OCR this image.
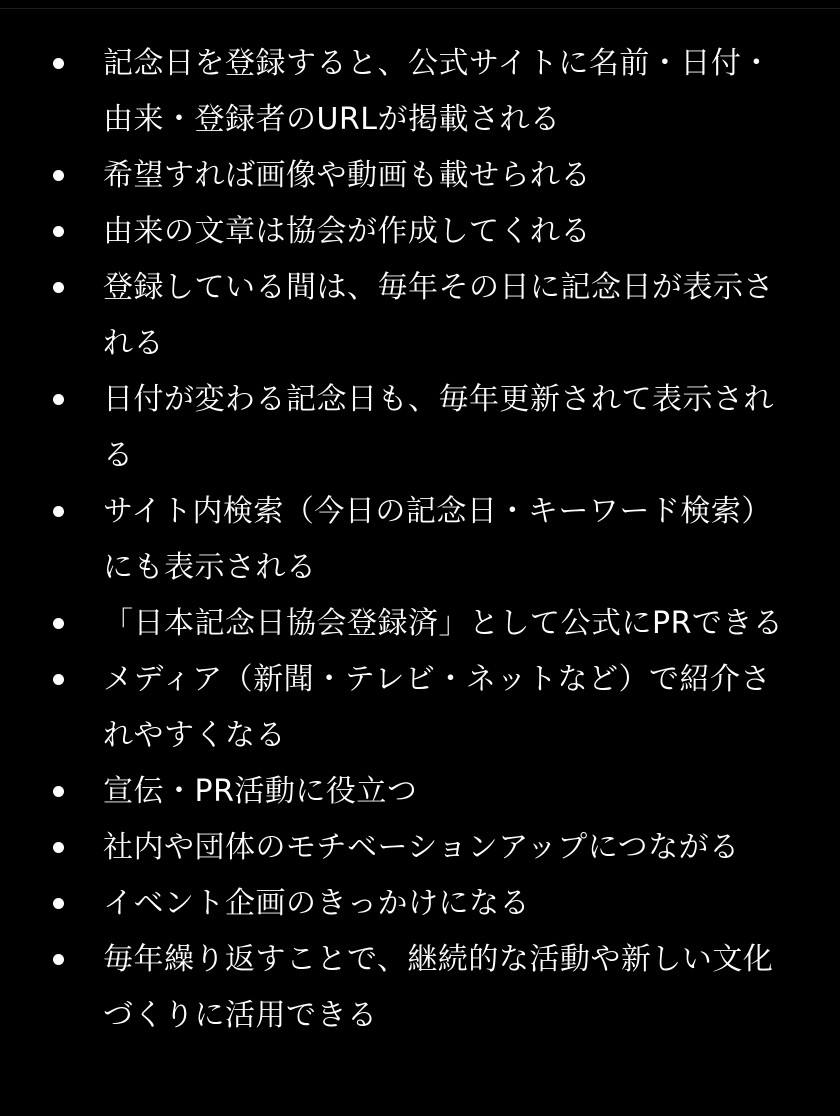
記念日を登録すると、公式サイトに名前・日付・由来・登録者のURLが掲載される
希望すれば画像や動画も載せられる
由来の文章は協会が作成してくれる
登録している間は、毎年その日に記念日が表示される
日付が変わる記念日も、毎年更新されて表示される
サイト内検索（今日の記念日・キーワード検索）にも表示される
「日本記念日協会登録済」として公式にPRできる
メディア（新聞・テレビ・ネットなど）で紹介されやすくなる
宣伝・PR活動に役立つ
社内や団体のモチベーションアップにつながる
イベント企画のきっかけになる
毎年繰り返すことで、継続的な活動や新しい文化づくりに活用できる
